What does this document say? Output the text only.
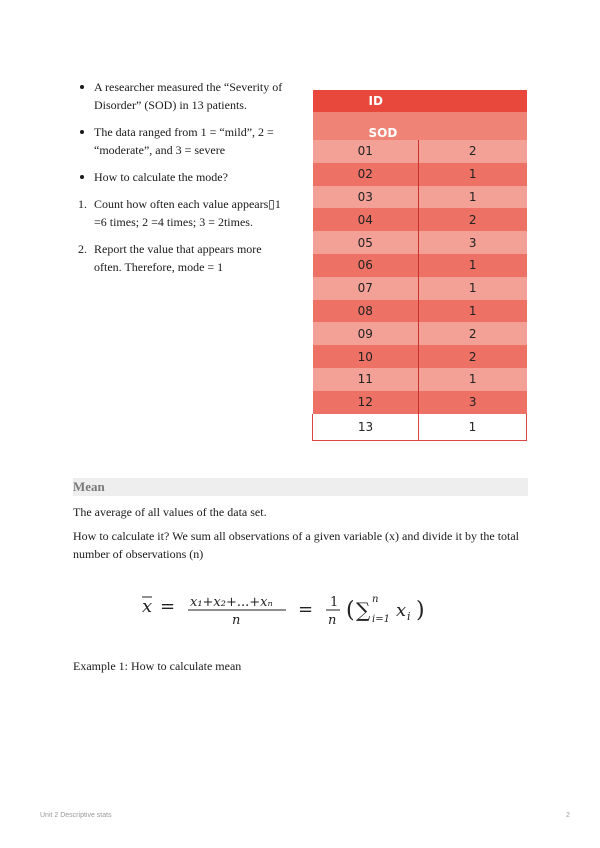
A researcher measured the “Severity of Disorder” (SOD) in 13 patients.
The data ranged from 1 = “mild”, 2 = “moderate”, and 3 = severe
How to calculate the mode?
1. Count how often each value appears▯1 =6 times; 2 =4 times; 3 = 2times.
2. Report the value that appears more often. Therefore, mode = 1
ID	
SOD	
01	2
02	1
03	1
04	2
05	3
06	1
07	1
08	1
09	2
10	2
11	1
12	3
13	1
Mean
The average of all values of the data set.
How to calculate it? We sum all observations of a given variable (x) and divide it by the total number of observations (n)
x = x₁+x₂+...+xₙ
n
= 1
n ( ∑ n
i=1 x i )
Example 1: How to calculate mean
Unit 2 Descriptive stats	2
